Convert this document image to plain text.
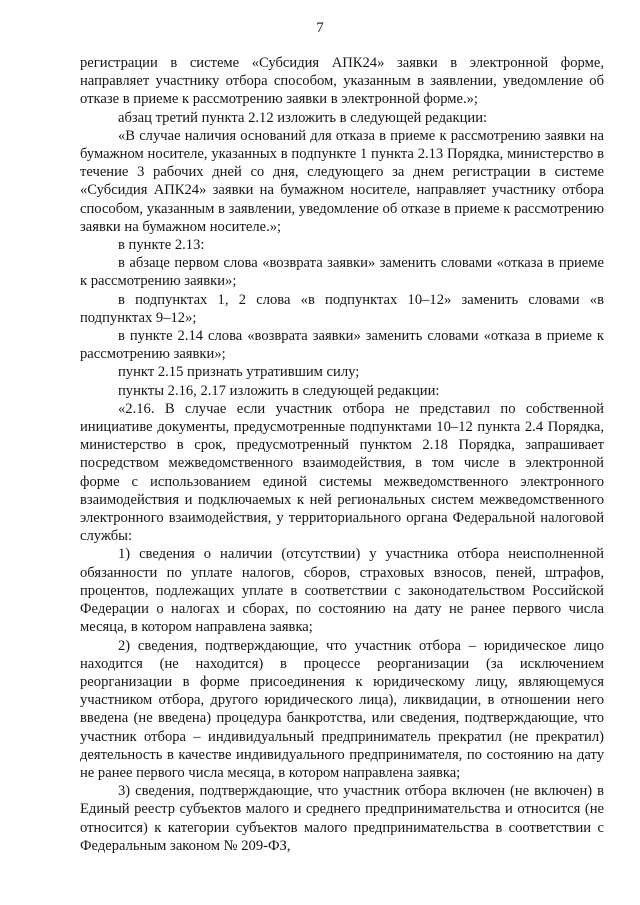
7

регистрации в системе «Субсидия АПК24» заявки в электронной форме, направляет участнику отбора способом, указанным в заявлении, уведомление об отказе в приеме к рассмотрению заявки в электронной форме.»;

абзац третий пункта 2.12 изложить в следующей редакции:

«В случае наличия оснований для отказа в приеме к рассмотрению заявки на бумажном носителе, указанных в подпункте 1 пункта 2.13 Порядка, министерство в течение 3 рабочих дней со дня, следующего за днем регистрации в системе «Субсидия АПК24» заявки на бумажном носителе, направляет участнику отбора способом, указанным в заявлении, уведомление об отказе в приеме к рассмотрению заявки на бумажном носителе.»;

в пункте 2.13:

в абзаце первом слова «возврата заявки» заменить словами «отказа в приеме к рассмотрению заявки»;

в подпунктах 1, 2 слова «в подпунктах 10–12» заменить словами «в подпунктах 9–12»;

в пункте 2.14 слова «возврата заявки» заменить словами «отказа в приеме к рассмотрению заявки»;

пункт 2.15 признать утратившим силу;

пункты 2.16, 2.17 изложить в следующей редакции:

«2.16. В случае если участник отбора не представил по собственной инициативе документы, предусмотренные подпунктами 10–12 пункта 2.4 Порядка, министерство в срок, предусмотренный пунктом 2.18 Порядка, запрашивает посредством межведомственного взаимодействия, в том числе в электронной форме с использованием единой системы межведомственного электронного взаимодействия и подключаемых к ней региональных систем межведомственного электронного взаимодействия, у территориального органа Федеральной налоговой службы:

1) сведения о наличии (отсутствии) у участника отбора неисполненной обязанности по уплате налогов, сборов, страховых взносов, пеней, штрафов, процентов, подлежащих уплате в соответствии с законодательством Российской Федерации о налогах и сборах, по состоянию на дату не ранее первого числа месяца, в котором направлена заявка;

2) сведения, подтверждающие, что участник отбора – юридическое лицо находится (не находится) в процессе реорганизации (за исключением реорганизации в форме присоединения к юридическому лицу, являющемуся участником отбора, другого юридического лица), ликвидации, в отношении него введена (не введена) процедура банкротства, или сведения, подтверждающие, что участник отбора – индивидуальный предприниматель прекратил (не прекратил) деятельность в качестве индивидуального предпринимателя, по состоянию на дату не ранее первого числа месяца, в котором направлена заявка;

3) сведения, подтверждающие, что участник отбора включен (не включен) в Единый реестр субъектов малого и среднего предпринимательства и относится (не относится) к категории субъектов малого предпринимательства в соответствии с Федеральным законом № 209-ФЗ,
